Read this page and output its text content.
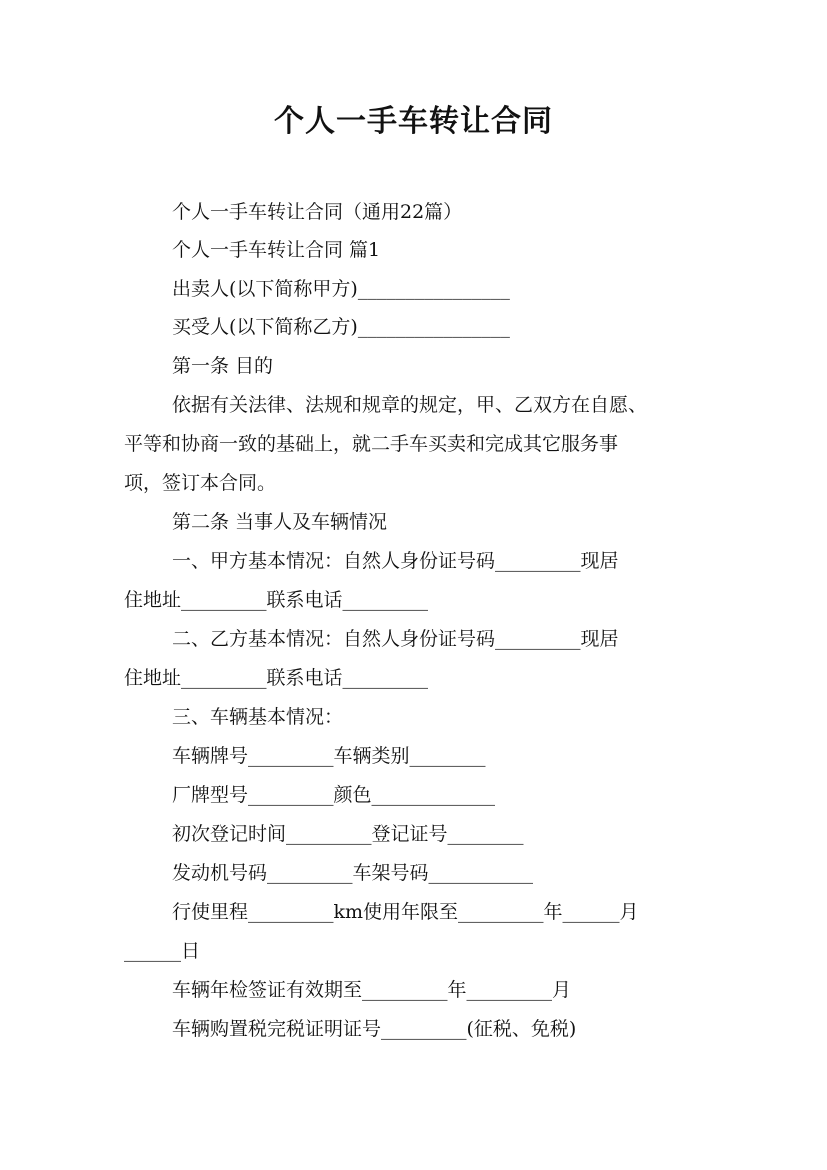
个人一手车转让合同

个人一手车转让合同（通用22篇）

个人一手车转让合同 篇1

出卖人(以下简称甲方)________________

买受人(以下简称乙方)________________

第一条 目的

依据有关法律、法规和规章的规定，甲、乙双方在自愿、

平等和协商一致的基础上，就二手车买卖和完成其它服务事

项，签订本合同。

第二条 当事人及车辆情况

一、甲方基本情况：自然人身份证号码_________现居

住地址_________联系电话_________

二、乙方基本情况：自然人身份证号码_________现居

住地址_________联系电话_________

三、车辆基本情况：

车辆牌号_________车辆类别________

厂牌型号_________颜色_____________

初次登记时间_________登记证号________

发动机号码_________车架号码___________

行使里程_________km使用年限至_________年______月

______日

车辆年检签证有效期至_________年_________月

车辆购置税完税证明证号_________(征税、免税)
